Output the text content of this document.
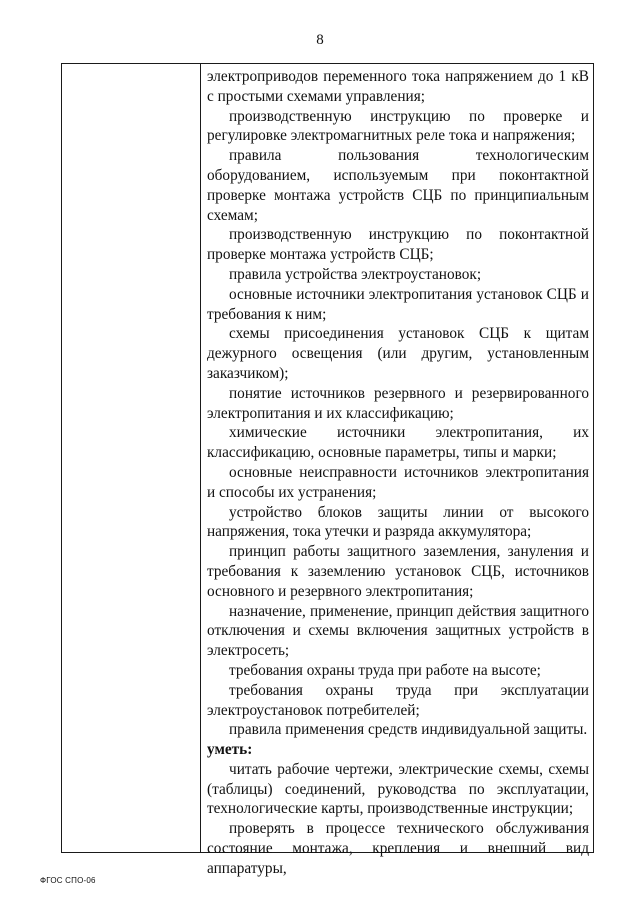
8

электроприводов переменного тока напряжением до 1 кВ с простыми схемами управления;

производственную инструкцию по проверке и регулировке электромагнитных реле тока и напряжения;

правила пользования технологическим оборудованием, используемым при поконтактной проверке монтажа устройств СЦБ по принципиальным схемам;

производственную инструкцию по поконтактной проверке монтажа устройств СЦБ;

правила устройства электроустановок;

основные источники электропитания установок СЦБ и требования к ним;

схемы присоединения установок СЦБ к щитам дежурного освещения (или другим, установленным заказчиком);

понятие источников резервного и резервированного электропитания и их классификацию;

химические источники электропитания, их классификацию, основные параметры, типы и марки;

основные неисправности источников электропитания и способы их устранения;

устройство блоков защиты линии от высокого напряжения, тока утечки и разряда аккумулятора;

принцип работы защитного заземления, зануления и требования к заземлению установок СЦБ, источников основного и резервного электропитания;

назначение, применение, принцип действия защитного отключения и схемы включения защитных устройств в электросеть;

требования охраны труда при работе на высоте;

требования охраны труда при эксплуатации электроустановок потребителей;

правила применения средств индивидуальной защиты.

уметь:

читать рабочие чертежи, электрические схемы, схемы (таблицы) соединений, руководства по эксплуатации, технологические карты, производственные инструкции;

проверять в процессе технического обслуживания состояние монтажа, крепления и внешний вид аппаратуры,

ФГОС СПО-06
